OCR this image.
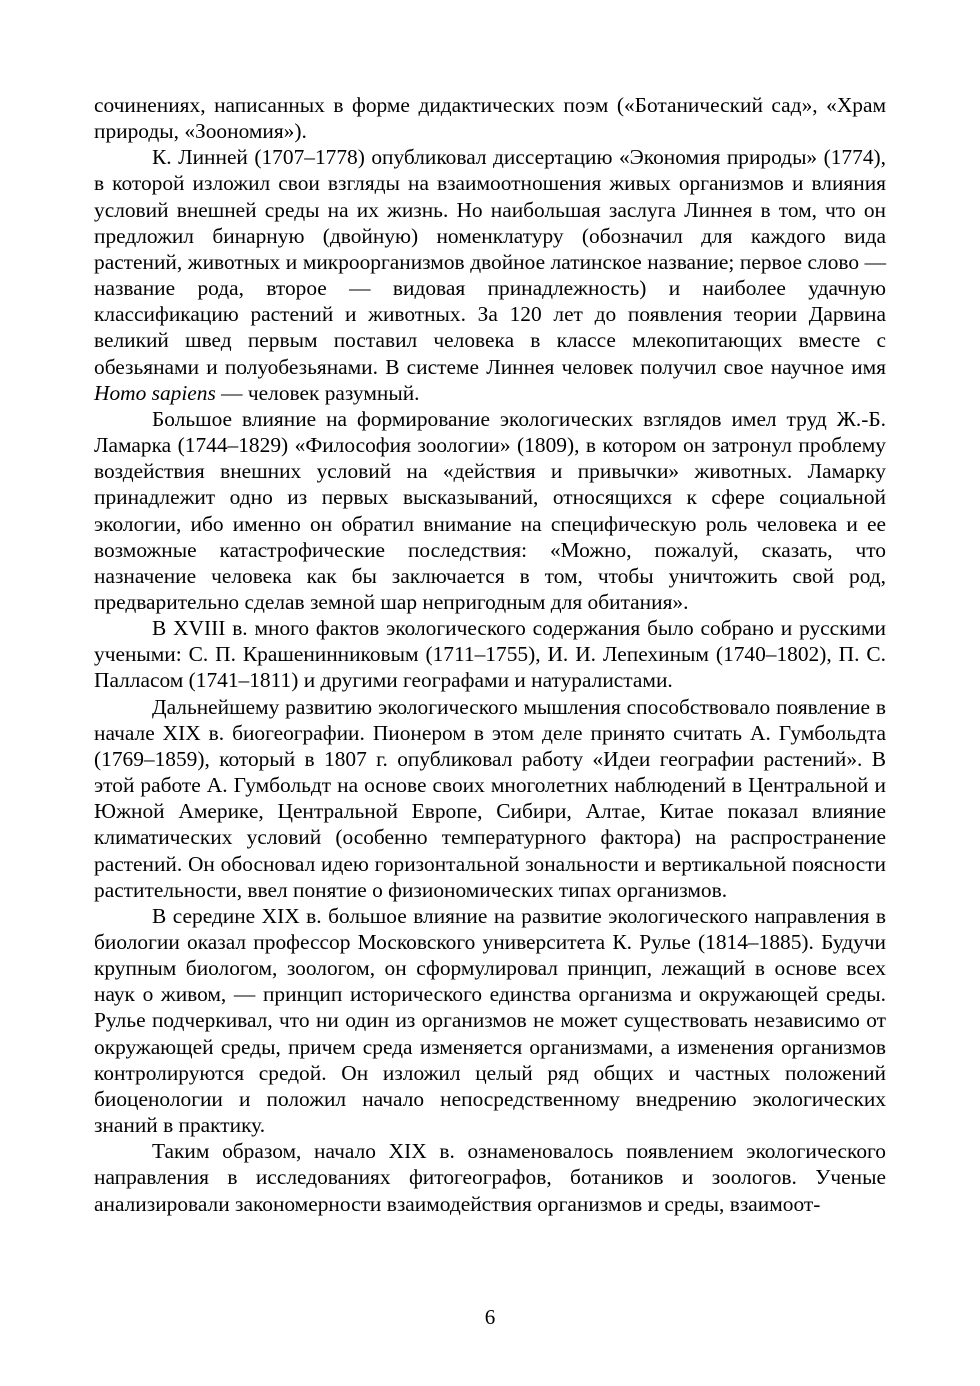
сочинениях, написанных в форме дидактических поэм («Ботанический сад», «Храм природы, «Зоономия»).

К. Линней (1707–1778) опубликовал диссертацию «Экономия природы» (1774), в которой изложил свои взгляды на взаимоотношения живых организмов и влияния условий внешней среды на их жизнь. Но наибольшая заслуга Линнея в том, что он предложил бинарную (двойную) номенклатуру (обозначил для каждого вида растений, животных и микроорганизмов двойное латинское название; первое слово — название рода, второе — видовая принадлежность) и наиболее удачную классификацию растений и животных. За 120 лет до появления теории Дарвина великий швед первым поставил человека в классе млекопитающих вместе с обезьянами и полуобезьянами. В системе Линнея человек получил свое научное имя Homo sapiens — человек разумный.

Большое влияние на формирование экологических взглядов имел труд Ж.-Б. Ламарка (1744–1829) «Философия зоологии» (1809), в котором он затронул проблему воздействия внешних условий на «действия и привычки» животных. Ламарку принадлежит одно из первых высказываний, относящихся к сфере социальной экологии, ибо именно он обратил внимание на специфическую роль человека и ее возможные катастрофические последствия: «Можно, пожалуй, сказать, что назначение человека как бы заключается в том, чтобы уничтожить свой род, предварительно сделав земной шар непригодным для обитания».

В XVIII в. много фактов экологического содержания было собрано и русскими учеными: С. П. Крашенинниковым (1711–1755), И. И. Лепехиным (1740–1802), П. С. Палласом (1741–1811) и другими географами и натуралистами.

Дальнейшему развитию экологического мышления способствовало появление в начале XIX в. биогеографии. Пионером в этом деле принято считать А. Гумбольдта (1769–1859), который в 1807 г. опубликовал работу «Идеи географии растений». В этой работе А. Гумбольдт на основе своих многолетних наблюдений в Центральной и Южной Америке, Центральной Европе, Сибири, Алтае, Китае показал влияние климатических условий (особенно температурного фактора) на распространение растений. Он обосновал идею горизонтальной зональности и вертикальной поясности растительности, ввел понятие о физиономических типах организмов.

В середине XIX в. большое влияние на развитие экологического направления в биологии оказал профессор Московского университета К. Рулье (1814–1885). Будучи крупным биологом, зоологом, он сформулировал принцип, лежащий в основе всех наук о живом, — принцип исторического единства организма и окружающей среды. Рулье подчеркивал, что ни один из организмов не может существовать независимо от окружающей среды, причем среда изменяется организмами, а изменения организмов контролируются средой. Он изложил целый ряд общих и частных положений биоценологии и положил начало непосредственному внедрению экологических знаний в практику.

Таким образом, начало XIX в. ознаменовалось появлением экологического направления в исследованиях фитогеографов, ботаников и зоологов. Ученые анализировали закономерности взаимодействия организмов и среды, взаимоот-

6
